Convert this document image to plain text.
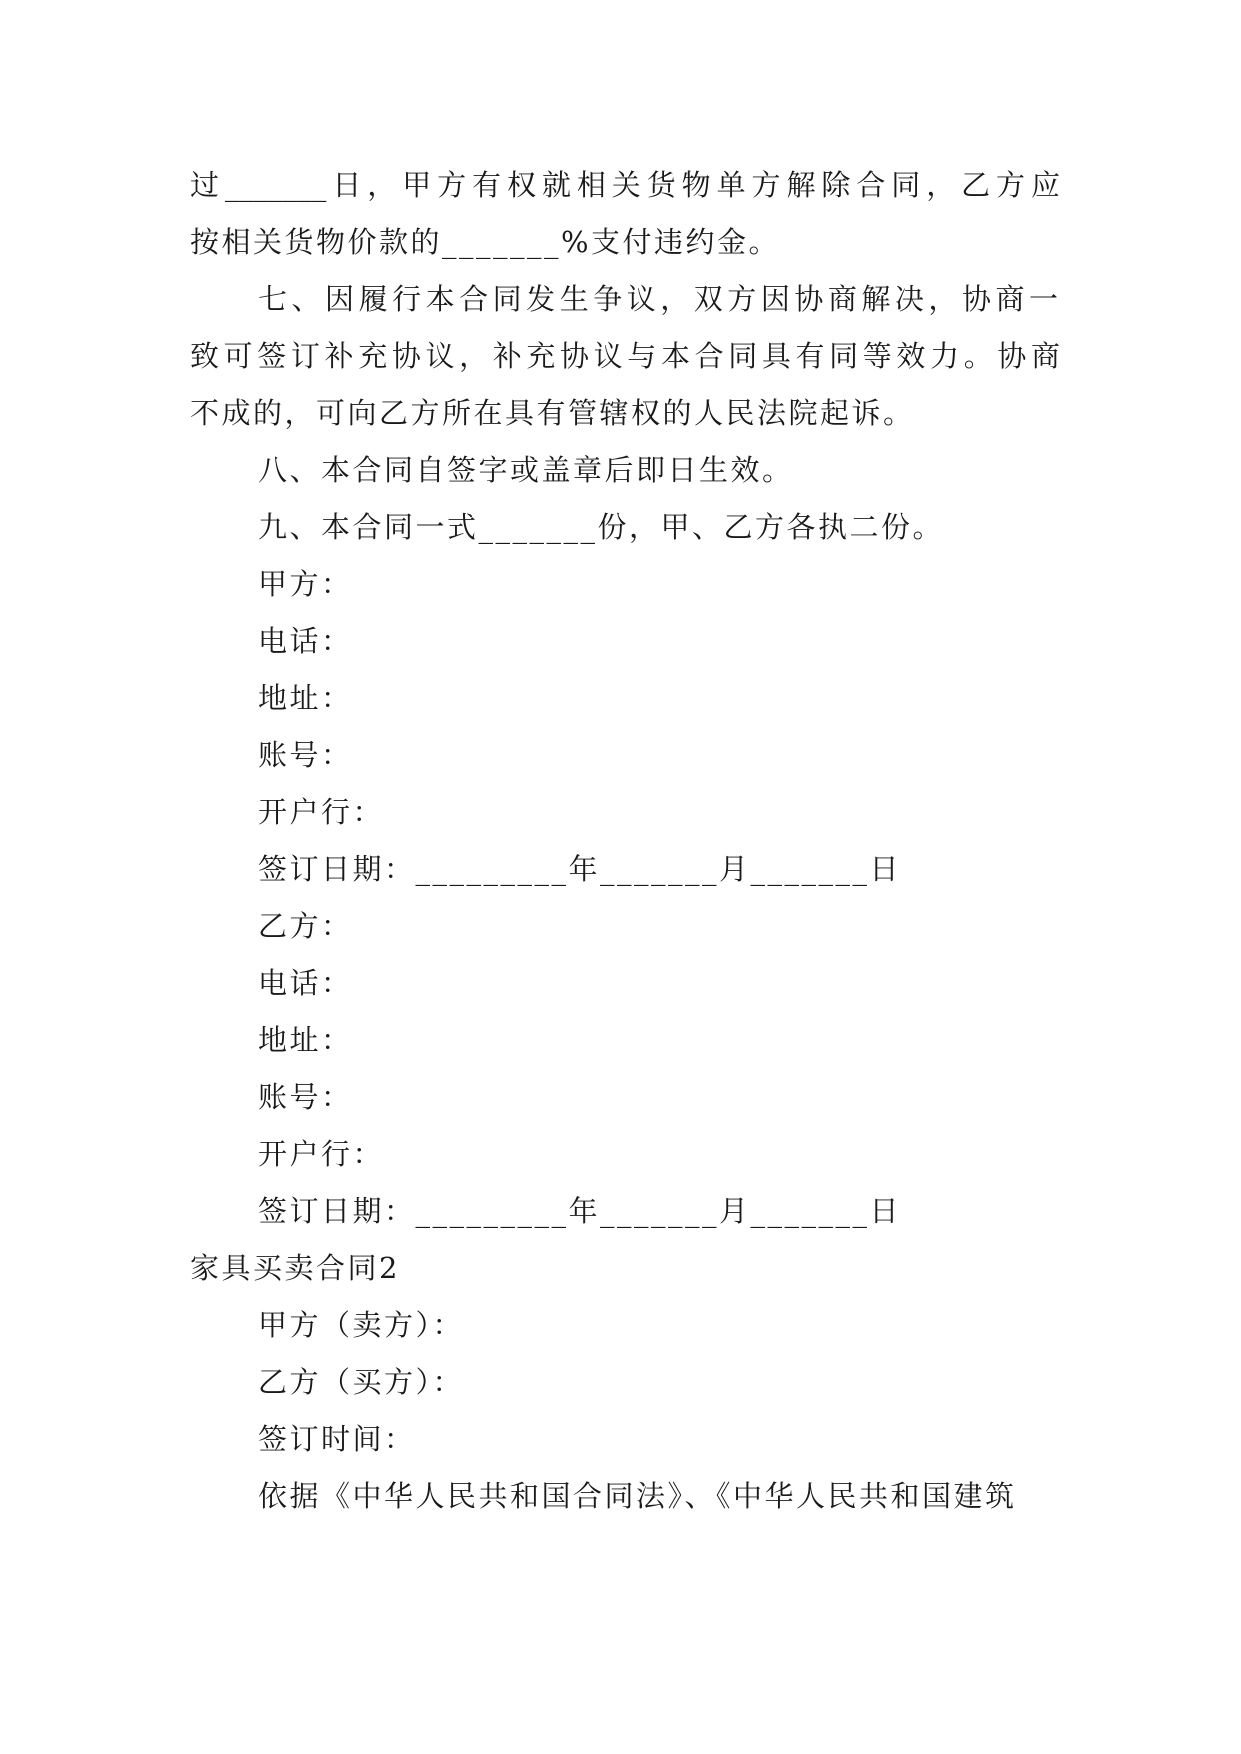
过_______日，甲方有权就相关货物单方解除合同，乙方应
按相关货物价款的_______%支付违约金。
七、因履行本合同发生争议，双方因协商解决，协商一
致可签订补充协议，补充协议与本合同具有同等效力。协商
不成的，可向乙方所在具有管辖权的人民法院起诉。
八、本合同自签字或盖章后即日生效。
九、本合同一式_______份，甲、乙方各执二份。
甲方：
电话：
地址：
账号：
开户行：
签订日期：_________年_______月_______日
乙方：
电话：
地址：
账号：
开户行：
签订日期：_________年_______月_______日
家具买卖合同2
甲方（卖方）：
乙方（买方）：
签订时间：
依据《中华人民共和国合同法》、《中华人民共和国建筑
